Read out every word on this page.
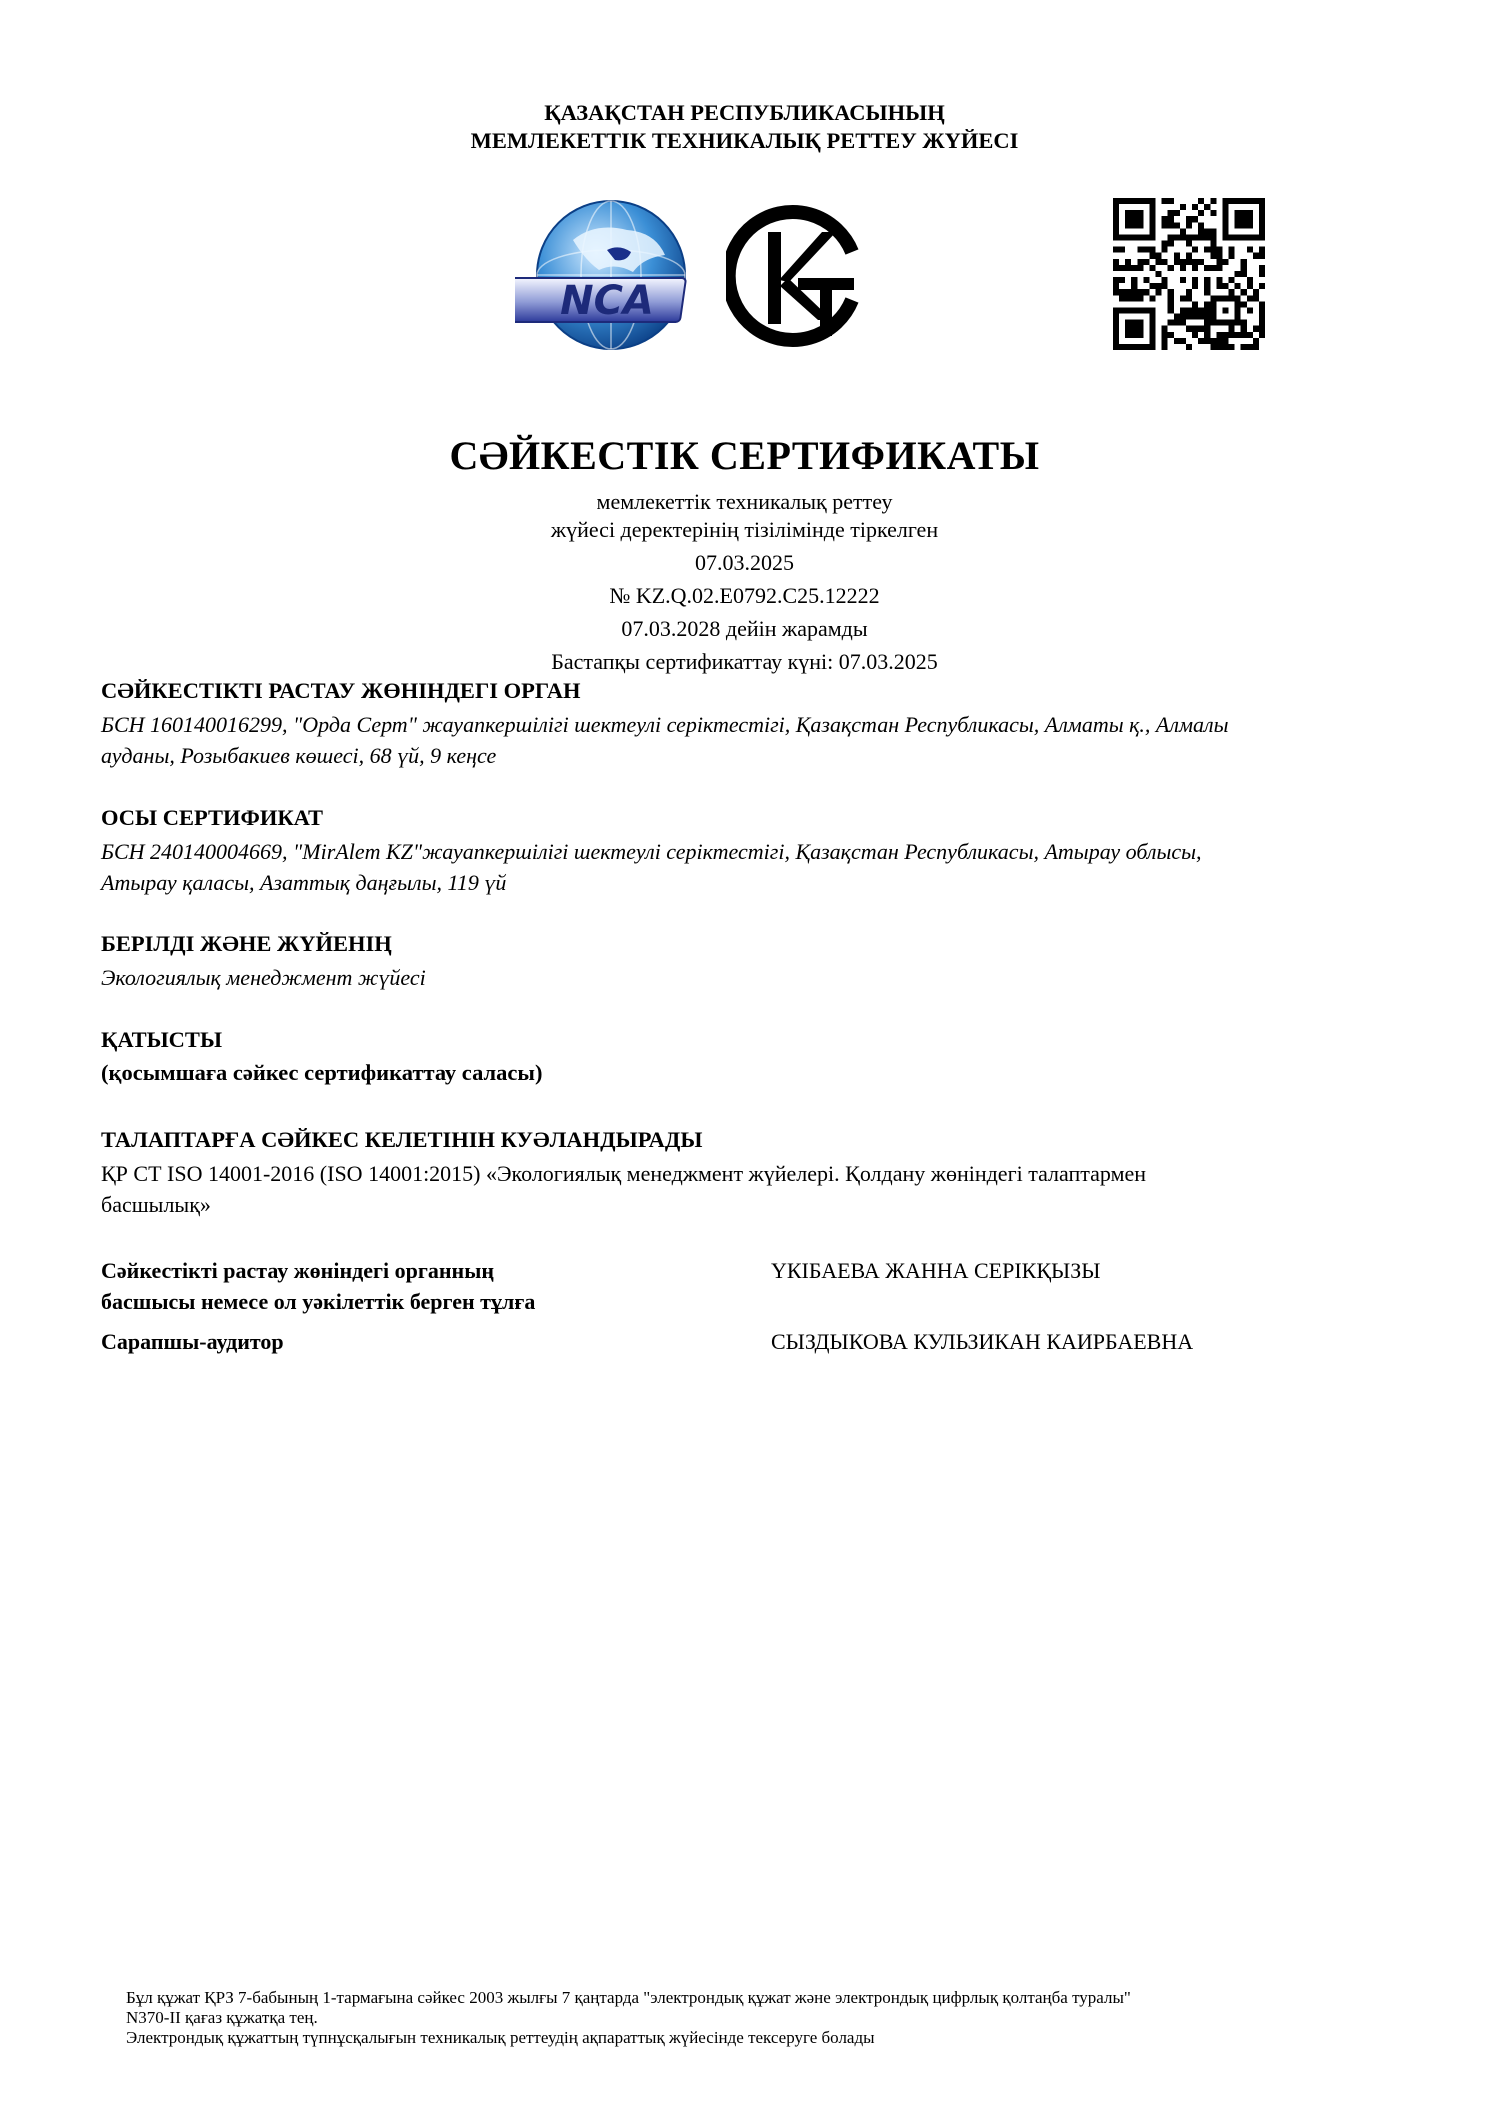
ҚАЗАҚСТАН РЕСПУБЛИКАСЫНЫҢ
МЕМЛЕКЕТТІК ТЕХНИКАЛЫҚ РЕТТЕУ ЖҮЙЕСІ
NCA
СӘЙКЕСТІК СЕРТИФИКАТЫ
мемлекеттік техникалық реттеу
жүйесі деректерінің тізілімінде тіркелген
07.03.2025
№ KZ.Q.02.E0792.C25.12222
07.03.2028 дейін жарамды
Бастапқы сертификаттау күні: 07.03.2025
СӘЙКЕСТІКТІ РАСТАУ ЖӨНІНДЕГІ ОРГАН
БСН 160140016299, "Орда Серт" жауапкершілігі шектеулі серіктестігі, Қазақстан Республикасы, Алматы қ., Алмалы
ауданы, Розыбакиев көшесі, 68 үй, 9 кеңсе
ОСЫ СЕРТИФИКАТ
БСН 240140004669, "MirAlem KZ"жауапкершілігі шектеулі серіктестігі, Қазақстан Республикасы, Атырау облысы,
Атырау қаласы, Азаттық даңғылы, 119 үй
БЕРІЛДІ ЖӘНЕ ЖҮЙЕНІҢ
Экологиялық менеджмент жүйесі
ҚАТЫСТЫ
(қосымшаға сәйкес сертификаттау саласы)
ТАЛАПТАРҒА СӘЙКЕС КЕЛЕТІНІН КУӘЛАНДЫРАДЫ
ҚР СТ ISO 14001-2016 (ISO 14001:2015) «Экологиялық менеджмент жүйелері. Қолдану жөніндегі талаптармен
басшылық»
Сәйкестікті растау жөніндегі органның
басшысы немесе ол уәкілеттік берген тұлға
ҮКІБАЕВА ЖАННА СЕРІКҚЫЗЫ
Сарапшы-аудитор	СЫЗДЫКОВА КУЛЬЗИКАН КАИРБАЕВНА
Бұл құжат ҚРЗ 7-бабының 1-тармағына сәйкес 2003 жылғы 7 қаңтарда "электрондық құжат және электрондық цифрлық қолтаңба туралы"
N370-II қағаз құжатқа тең.
Электрондық құжаттың түпнұсқалығын техникалық реттеудің ақпараттық жүйесінде тексеруге болады
